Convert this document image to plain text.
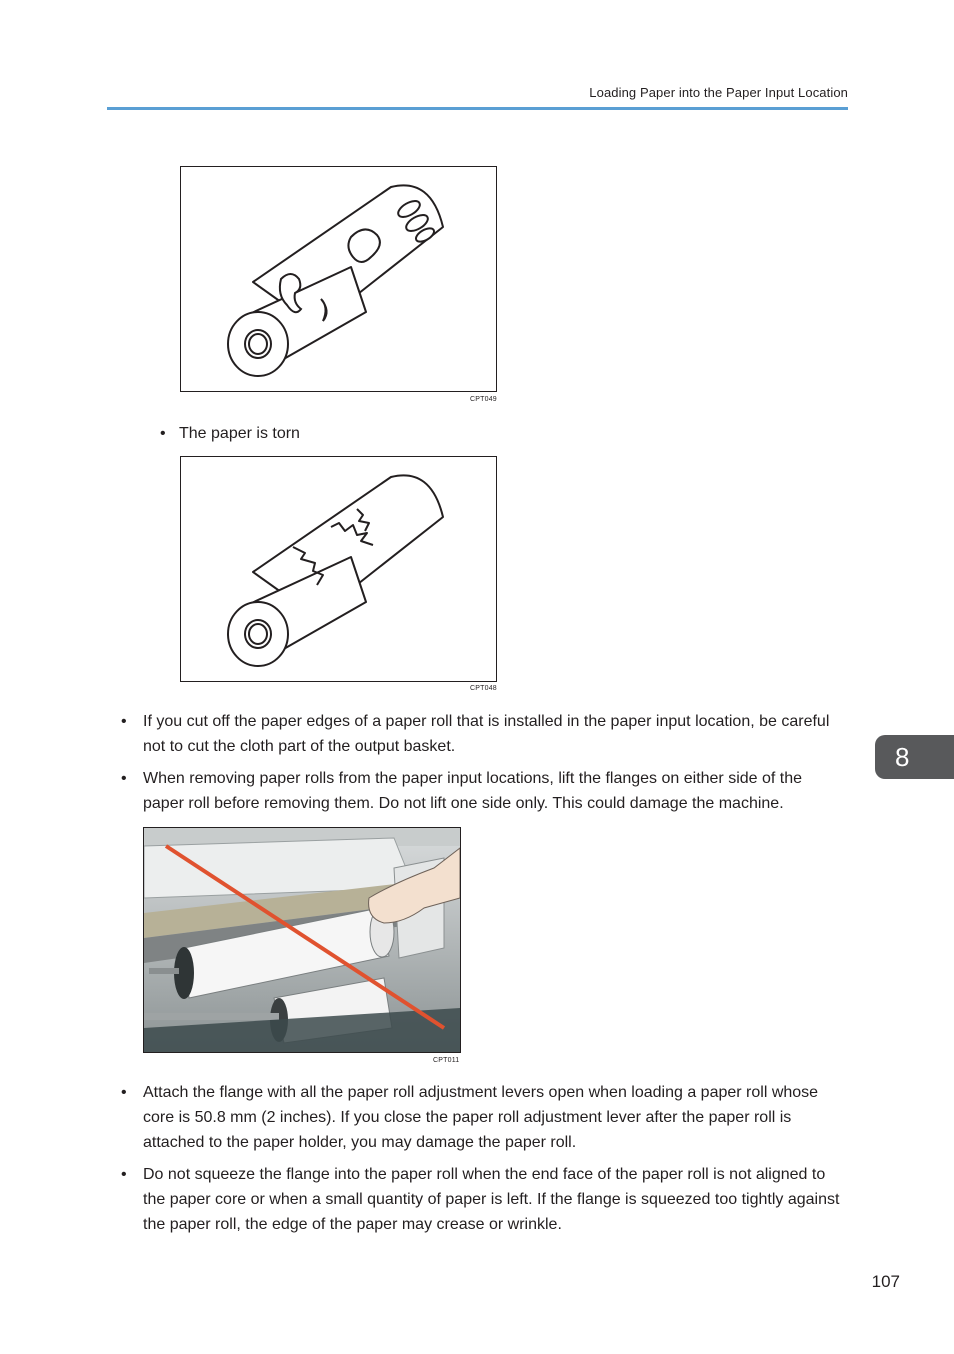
Loading Paper into the Paper Input Location
CPT049
• The paper is torn
CPT048
• If you cut off the paper edges of a paper roll that is installed in the paper input location, be careful
not to cut the cloth part of the output basket.
• When removing paper rolls from the paper input locations, lift the flanges on either side of the
paper roll before removing them. Do not lift one side only. This could damage the machine.
CPT011
• Attach the flange with all the paper roll adjustment levers open when loading a paper roll whose
core is 50.8 mm (2 inches). If you close the paper roll adjustment lever after the paper roll is
attached to the paper holder, you may damage the paper roll.
• Do not squeeze the flange into the paper roll when the end face of the paper roll is not aligned to
the paper core or when a small quantity of paper is left. If the flange is squeezed too tightly against
the paper roll, the edge of the paper may crease or wrinkle.
8
107
